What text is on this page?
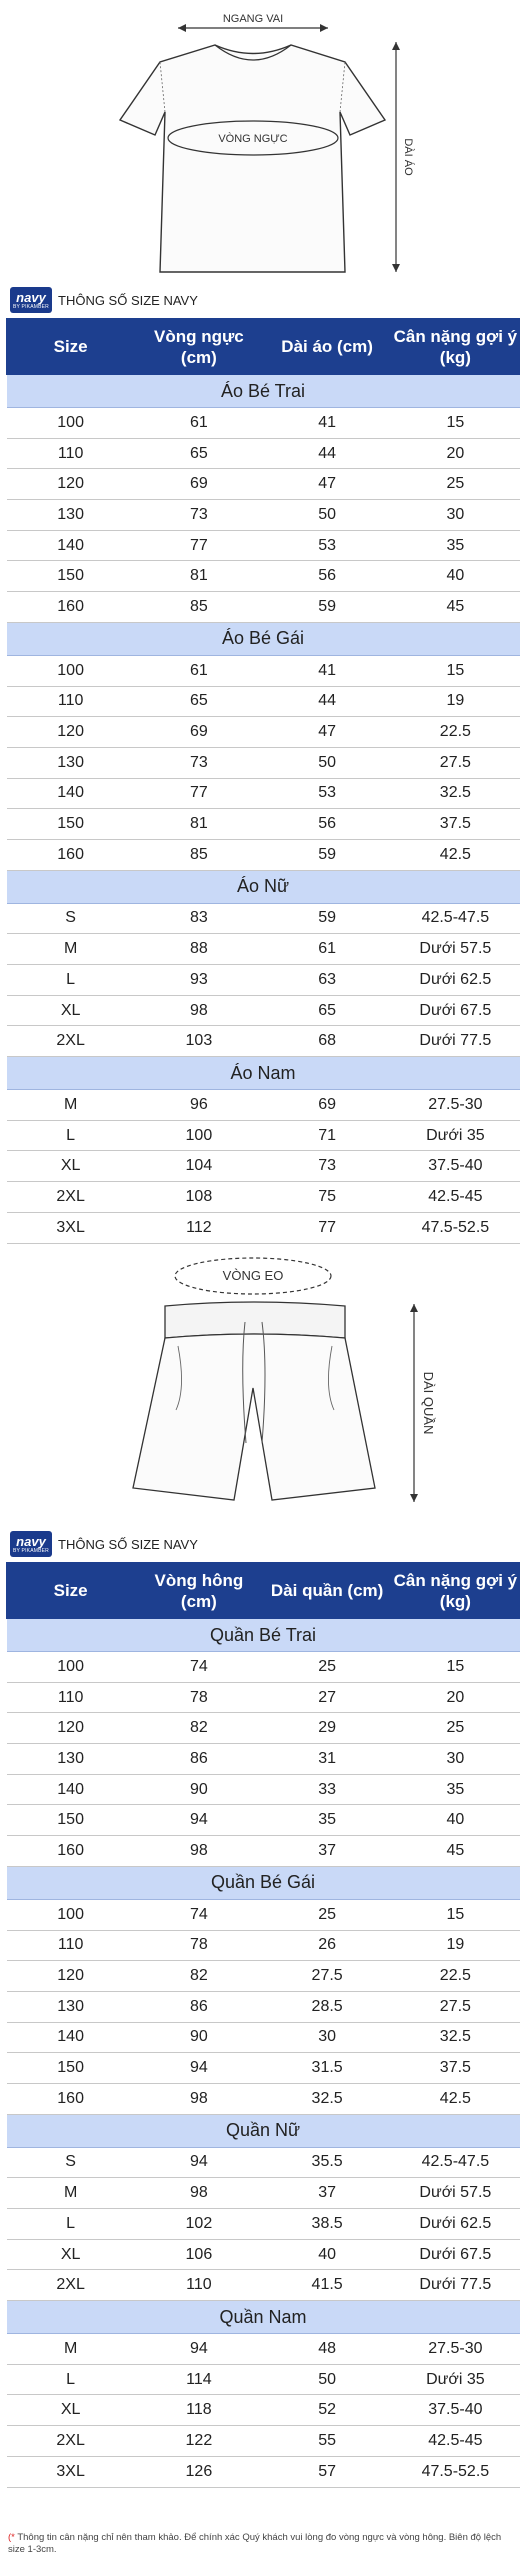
NGANG VAI
VÒNG NGỰC	DÀI ÁO
navy
BY PIKAMBER THÔNG SỐ SIZE NAVY
Size	Vòng ngực (cm)	Dài áo (cm)	Cân nặng gợi ý (kg)
Áo Bé Trai			
100	61	41	15
110	65	44	20
120	69	47	25
130	73	50	30
140	77	53	35
150	81	56	40
160	85	59	45
Áo Bé Gái			
100	61	41	15
110	65	44	19
120	69	47	22.5
130	73	50	27.5
140	77	53	32.5
150	81	56	37.5
160	85	59	42.5
Áo Nữ			
S	83	59	42.5-47.5
M	88	61	Dưới 57.5
L	93	63	Dưới 62.5
XL	98	65	Dưới 67.5
2XL	103	68	Dưới 77.5
Áo Nam			
M	96	69	27.5-30
L	100	71	Dưới 35
XL	104	73	37.5-40
2XL	108	75	42.5-45
3XL	112	77	47.5-52.5
VÒNG EO
DÀI QUẦN
navy
BY PIKAMBER THÔNG SỐ SIZE NAVY
Size	Vòng hông (cm)	Dài quần (cm)	Cân nặng gợi ý (kg)
Quần Bé Trai			
100	74	25	15
110	78	27	20
120	82	29	25
130	86	31	30
140	90	33	35
150	94	35	40
160	98	37	45
Quần Bé Gái			
100	74	25	15
110	78	26	19
120	82	27.5	22.5
130	86	28.5	27.5
140	90	30	32.5
150	94	31.5	37.5
160	98	32.5	42.5
Quần Nữ			
S	94	35.5	42.5-47.5
M	98	37	Dưới 57.5
L	102	38.5	Dưới 62.5
XL	106	40	Dưới 67.5
2XL	110	41.5	Dưới 77.5
Quần Nam			
M	94	48	27.5-30
L	114	50	Dưới 35
XL	118	52	37.5-40
2XL	122	55	42.5-45
3XL	126	57	47.5-52.5
(* Thông tin cân nặng chỉ nên tham khảo. Để chính xác Quý khách vui lòng đo vòng ngực và vòng hông. Biên độ lệch size 1-3cm.
